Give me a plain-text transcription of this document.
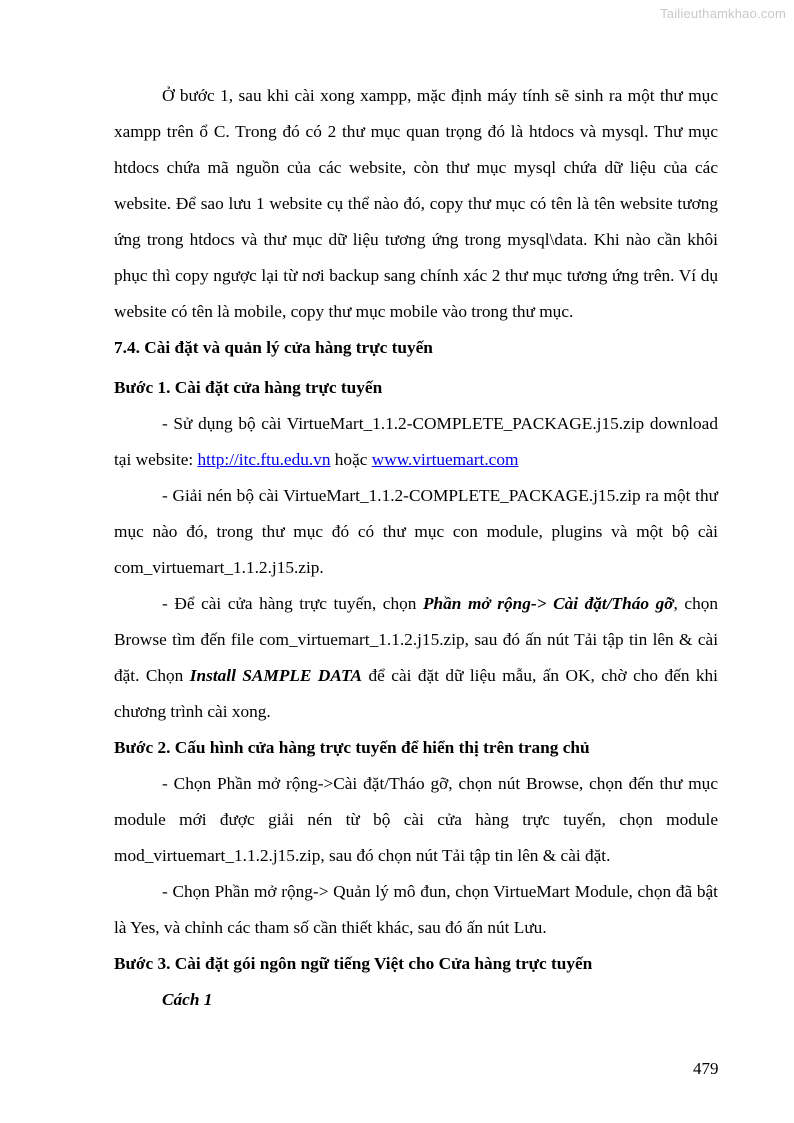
Tailieuthamkhao.com

Ở bước 1, sau khi cài xong xampp, mặc định máy tính sẽ sinh ra một thư mục xampp trên ổ C. Trong đó có 2 thư mục quan trọng đó là htdocs và mysql. Thư mục htdocs chứa mã nguồn của các website, còn thư mục mysql chứa dữ liệu của các website. Để sao lưu 1 website cụ thể nào đó, copy thư mục có tên là tên website tương ứng trong htdocs và thư mục dữ liệu tương ứng trong mysql\data. Khi nào cần khôi phục thì copy ngược lại từ nơi backup sang chính xác 2 thư mục tương ứng trên. Ví dụ website có tên là mobile, copy thư mục mobile vào trong thư mục.

7.4. Cài đặt và quản lý cửa hàng trực tuyến

Bước 1. Cài đặt cửa hàng trực tuyến

- Sử dụng bộ cài VirtueMart_1.1.2-COMPLETE_PACKAGE.j15.zip download tại website: http://itc.ftu.edu.vn hoặc www.virtuemart.com

- Giải nén bộ cài VirtueMart_1.1.2-COMPLETE_PACKAGE.j15.zip ra một thư mục nào đó, trong thư mục đó có thư mục con module, plugins và một bộ cài com_virtuemart_1.1.2.j15.zip.

- Để cài cửa hàng trực tuyến, chọn Phần mở rộng-> Cài đặt/Tháo gỡ, chọn Browse tìm đến file com_virtuemart_1.1.2.j15.zip, sau đó ấn nút Tải tập tin lên & cài đặt. Chọn Install SAMPLE DATA để cài đặt dữ liệu mẫu, ấn OK, chờ cho đến khi chương trình cài xong.

Bước 2. Cấu hình cửa hàng trực tuyến để hiển thị trên trang chủ

- Chọn Phần mở rộng->Cài đặt/Tháo gỡ, chọn nút Browse, chọn đến thư mục module mới được giải nén từ bộ cài cửa hàng trực tuyến, chọn module mod_virtuemart_1.1.2.j15.zip, sau đó chọn nút Tải tập tin lên & cài đặt.

- Chọn Phần mở rộng-> Quản lý mô đun, chọn VirtueMart Module, chọn đã bật là Yes, và chỉnh các tham số cần thiết khác, sau đó ấn nút Lưu.

Bước 3. Cài đặt gói ngôn ngữ tiếng Việt cho Cửa hàng trực tuyến

Cách 1

479
